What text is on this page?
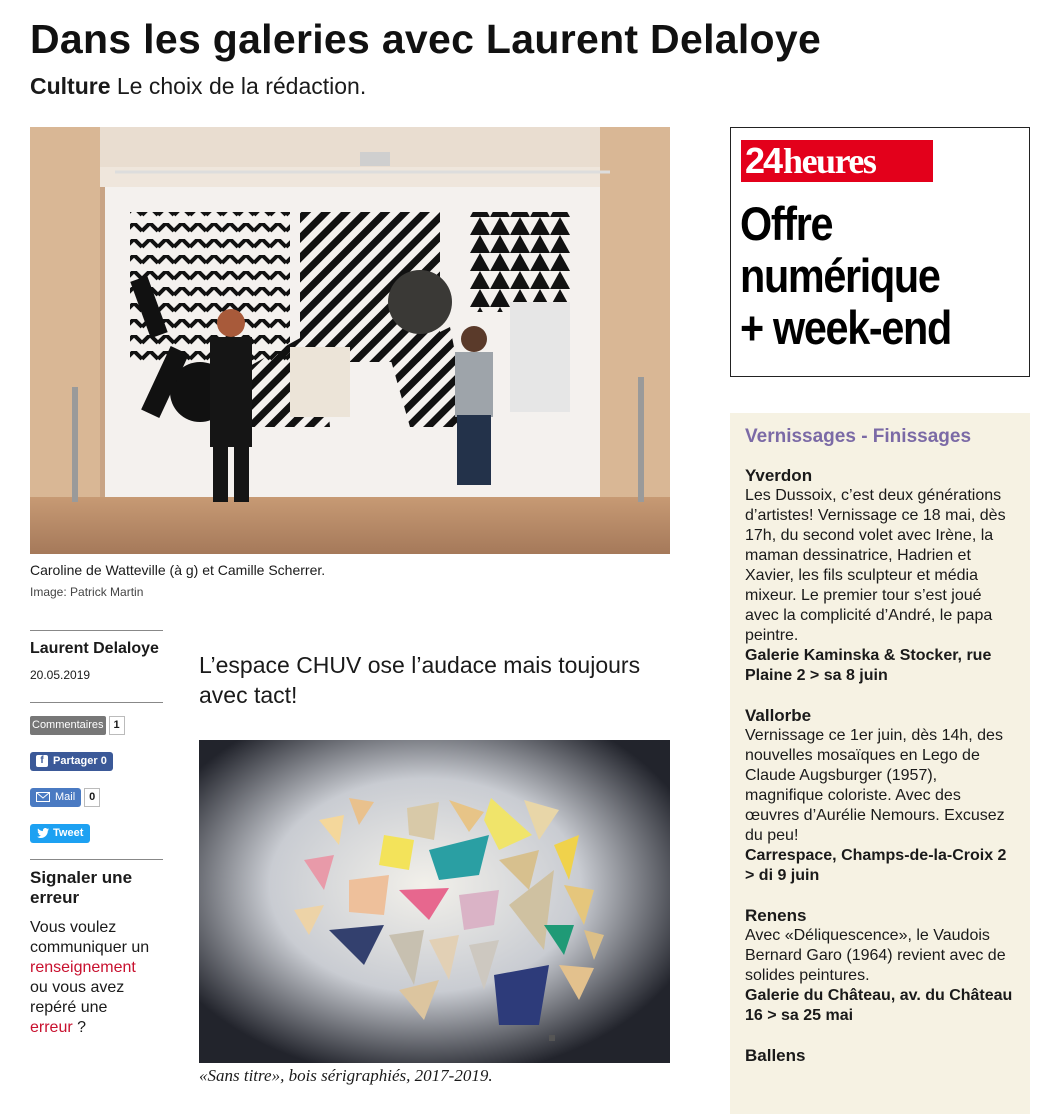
Dans les galeries avec Laurent Delaloye
Culture Le choix de la rédaction.
Caroline de Watteville (à g) et Camille Scherrer.
Image: Patrick Martin
Laurent Delaloye
20.05.2019
Commentaires 1
f Partager 0
Mail	0
Tweet
Signaler une erreur
Vous voulez communiquer un
renseignement
ou vous avez repéré une
erreur ?

L’espace CHUV ose l’audace mais toujours avec tact!

«Sans titre», bois sérigraphiés, 2017-2019.
24 heures
Offre
numérique
+ week-end
Vernissages - Finissages
Yverdon
Les Dussoix, c’est deux générations d’artistes! Vernissage ce 18 mai, dès 17h, du second volet avec Irène, la maman dessinatrice, Hadrien et Xavier, les fils sculpteur et média mixeur. Le premier tour s’est joué avec la complicité d’André, le papa peintre.
Galerie Kaminska & Stocker, rue Plaine 2 > sa 8 juin
Vallorbe
Vernissage ce 1er juin, dès 14h, des nouvelles mosaïques en Lego de Claude Augsburger (1957), magnifique coloriste. Avec des œuvres d’Aurélie Nemours. Excusez du peu!
Carrespace, Champs-de-la-Croix 2 > di 9 juin
Renens
Avec «Déliquescence», le Vaudois Bernard Garo (1964) revient avec de solides peintures.
Galerie du Château, av. du Château 16 > sa 25 mai
Ballens
